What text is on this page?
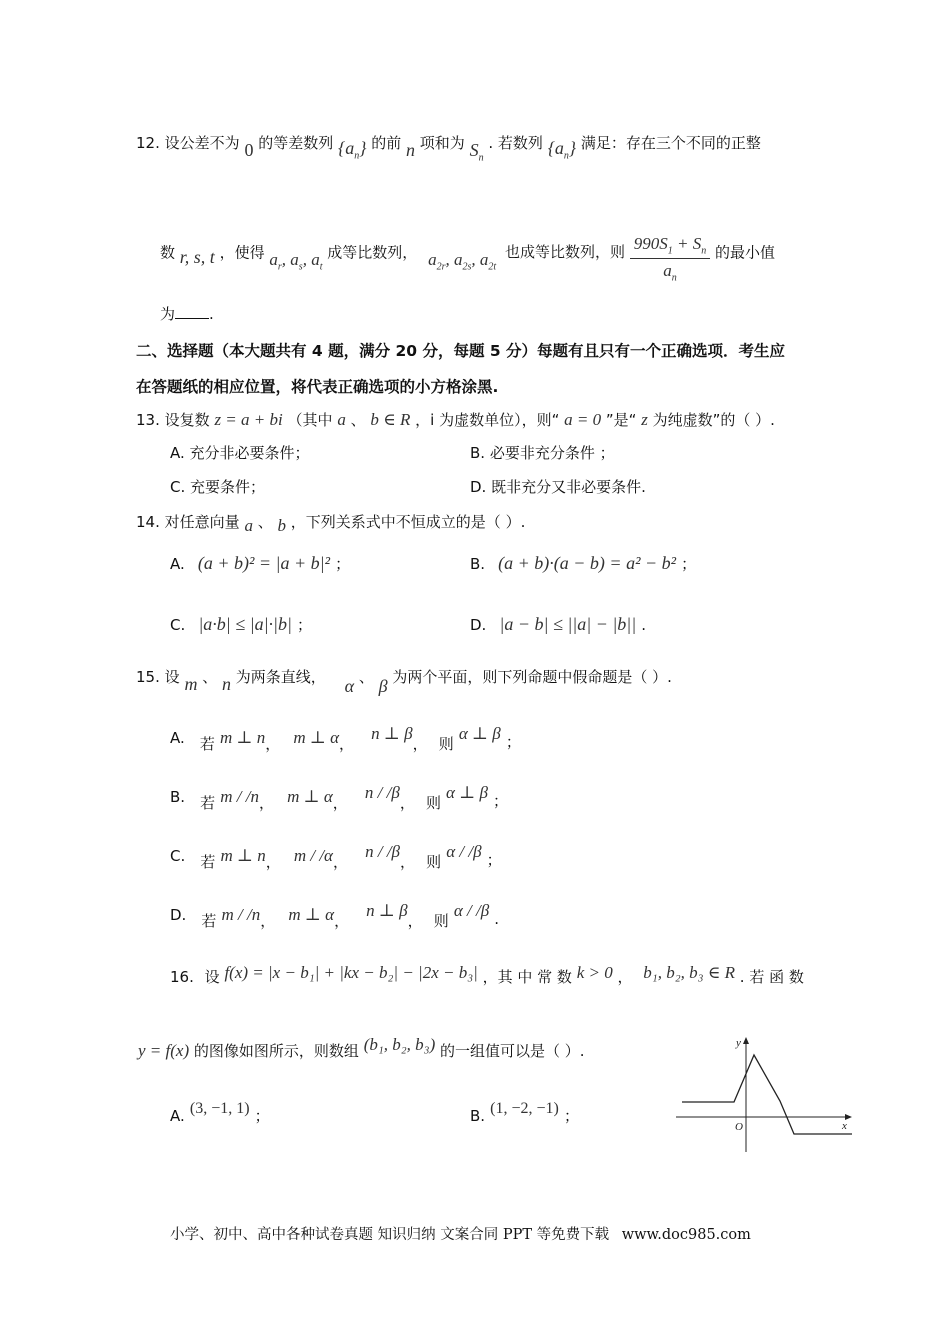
12. 设公差不为 0 的等差数列 $\{a_n\}$ 的前 n 项和为 $S_n$ . 若数列 $\{a_n\}$ 满足：存在三个不同的正整
数 r, s, t ，使得 $a_r$, $a_s$, $a_t$ 成等比数列， $a_{2r}$, $a_{2s}$, $a_{2t}$ 也成等比数列，则 $\frac{990S_1 + S_n}{a_n}$ 的最小值
为 .
二、选择题（本大题共有 4 题，满分 20 分，每题 5 分）每题有且只有一个正确选项．考生应
在答题纸的相应位置，将代表正确选项的小方格涂黑.
13. 设复数 z = a + bi （其中 a 、 b ∈ R ，i 为虚数单位），则“ a = 0 ”是“ z 为纯虚数”的（ ）.
A. 充分非必要条件；	B. 必要非充分条件 ；
C. 充要条件；	D. 既非充分又非必要条件.
14. 对任意向量 a 、 b ，下列关系式中不恒成立的是（ ）.
A. (a + b)² = |a + b|² ；	B. (a + b)·(a − b) = a² − b² ；
C. |a·b| ≤ |a|·|b| ；	D. |a − b| ≤ ||a| − |b|| .
15. 设 m 、 n 为两条直线， α 、 β 为两个平面，则下列命题中假命题是（ ）.
A. 若 m ⊥ n， m ⊥ α， n ⊥ β， 则 α ⊥ β ；
B. 若 m / /n， m ⊥ α， n / /β， 则 α ⊥ β ；
C. 若 m ⊥ n， m / /α， n / /β， 则 α / /β ；
D. 若 m / /n， m ⊥ α， n ⊥ β， 则 α / /β .
16. 设 f(x) = |x − b₁| + |kx − b₂| − |2x − b₃| ，其 中 常 数 k > 0 ， b₁, b₂, b₃ ∈ R . 若 函 数
y = f(x) 的图像如图所示，则数组 (b₁, b₂, b₃) 的一组值可以是（ ）.
A. (3, −1, 1) ；	B. (1, −2, −1) ；
y
x
O
小学、初中、高中各种试卷真题 知识归纳 文案合同 PPT 等免费下载 www.doc985.com
